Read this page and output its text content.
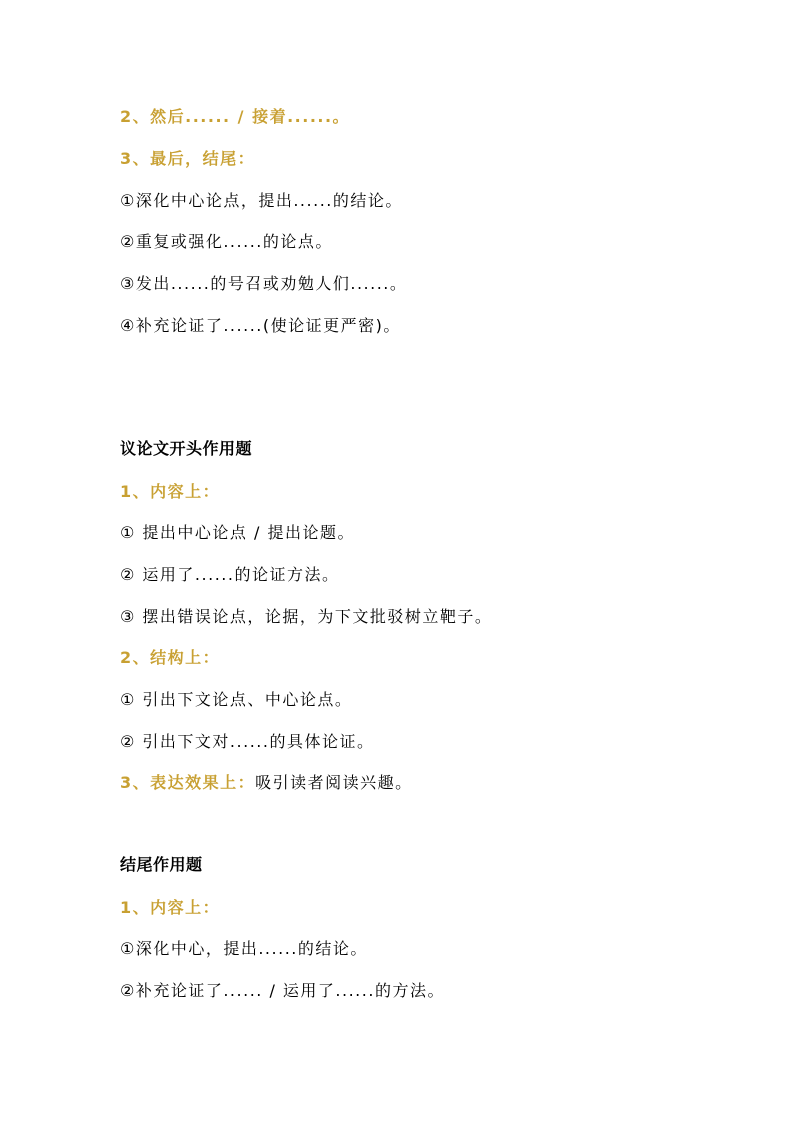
2、然后...... / 接着......。
3、最后，结尾：
①深化中心论点，提出......的结论。
②重复或强化......的论点。
③发出......的号召或劝勉人们......。
④补充论证了......(使论证更严密)。
议论文开头作用题
1、内容上：
① 提出中心论点 / 提出论题。
② 运用了......的论证方法。
③ 摆出错误论点，论据，为下文批驳树立靶子。
2、结构上：
① 引出下文论点、中心论点。
② 引出下文对......的具体论证。
3、表达效果上：吸引读者阅读兴趣。
结尾作用题
1、内容上：
①深化中心，提出......的结论。
②补充论证了...... / 运用了......的方法。
